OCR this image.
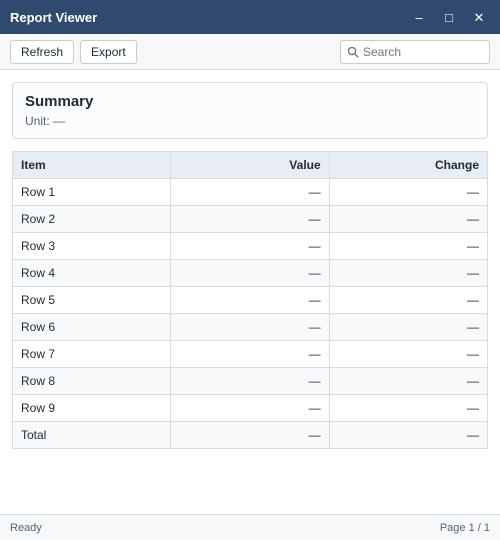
Report Viewer	–	□	✕
Refresh	Export
Search
Summary

Unit: —

Item	Value	Change
Row 1	—	—
Row 2	—	—
Row 3	—	—
Row 4	—	—
Row 5	—	—
Row 6	—	—
Row 7	—	—
Row 8	—	—
Row 9	—	—
Total	—	—
Ready	Page 1 / 1
